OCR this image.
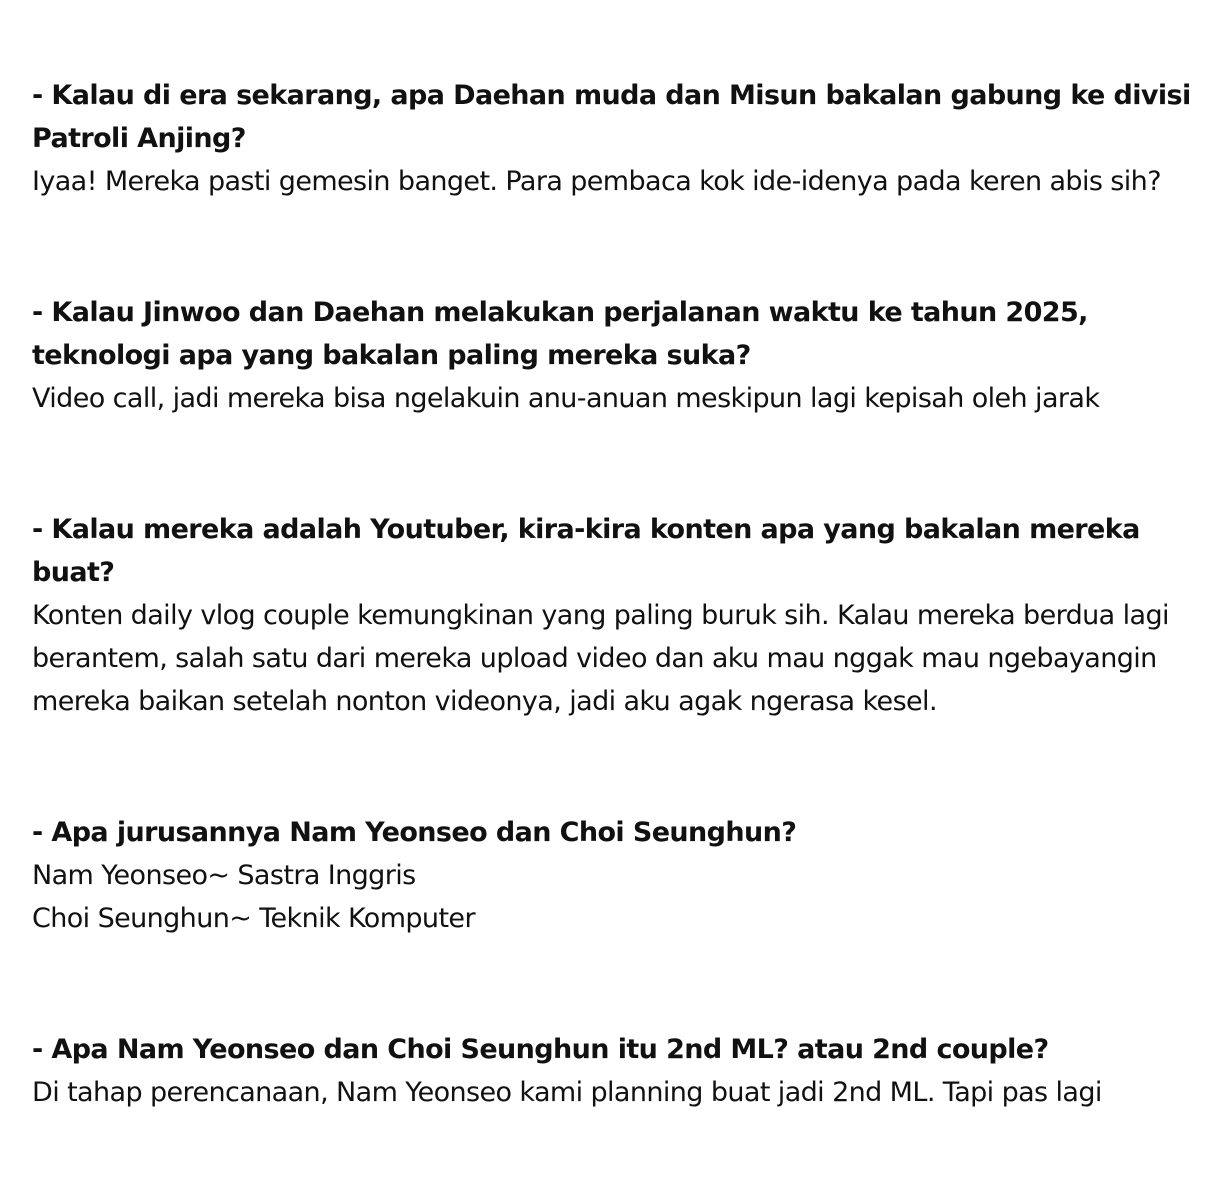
- Kalau di era sekarang, apa Daehan muda dan Misun bakalan gabung ke divisi Patroli Anjing?

Iyaa! Mereka pasti gemesin banget. Para pembaca kok ide-idenya pada keren abis sih?

- Kalau Jinwoo dan Daehan melakukan perjalanan waktu ke tahun 2025, teknologi apa yang bakalan paling mereka suka?

Video call, jadi mereka bisa ngelakuin anu-anuan meskipun lagi kepisah oleh jarak

- Kalau mereka adalah Youtuber, kira-kira konten apa yang bakalan mereka buat?

Konten daily vlog couple kemungkinan yang paling buruk sih. Kalau mereka berdua lagi berantem, salah satu dari mereka upload video dan aku mau nggak mau ngebayangin mereka baikan setelah nonton videonya, jadi aku agak ngerasa kesel.

- Apa jurusannya Nam Yeonseo dan Choi Seunghun?

Nam Yeonseo~ Sastra Inggris

Choi Seunghun~ Teknik Komputer

- Apa Nam Yeonseo dan Choi Seunghun itu 2nd ML? atau 2nd couple?

Di tahap perencanaan, Nam Yeonseo kami planning buat jadi 2nd ML. Tapi pas lagi
